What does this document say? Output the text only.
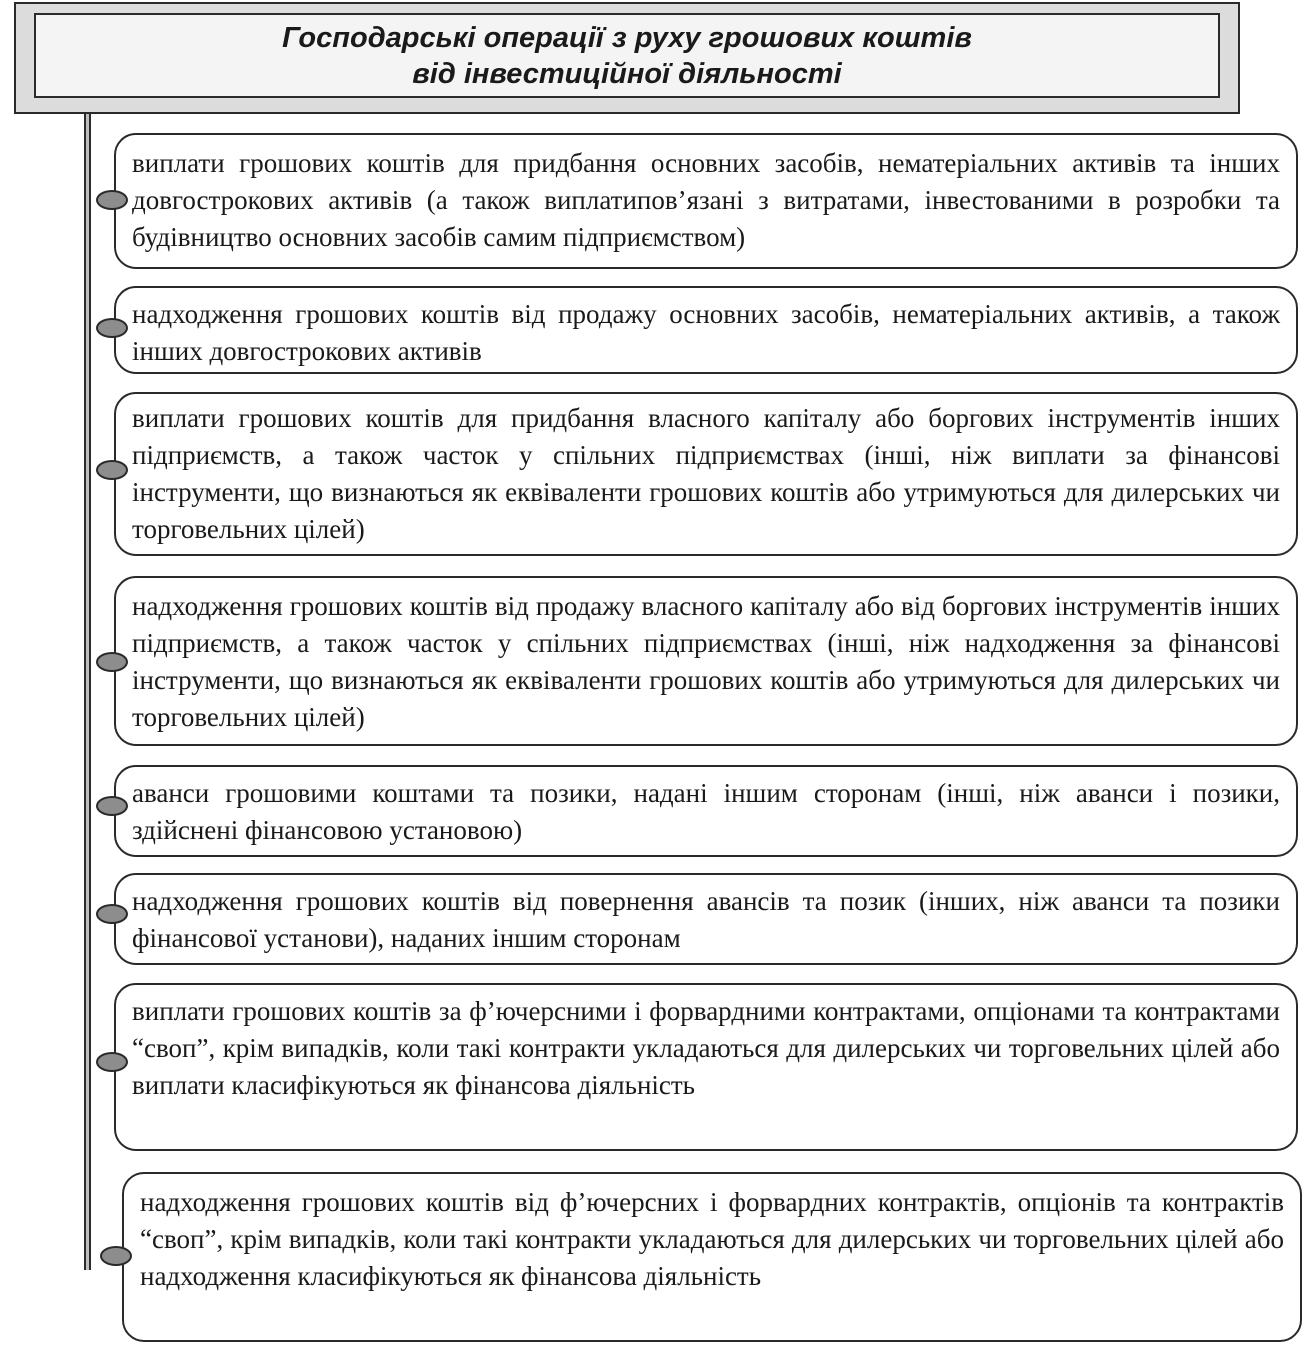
Господарські операції з руху грошових коштів
від інвестиційної діяльності
виплати грошових коштів для придбання основних засобів, нематеріальних активів та інших довгострокових активів (а також виплатипов’язані з витратами, інвестованими в розробки та будівництво основних засобів самим підприємством)
надходження грошових коштів від продажу основних засобів, нематеріальних активів, а також інших довгострокових активів
виплати грошових коштів для придбання власного капіталу або боргових інструментів інших підприємств, а також часток у спільних підприємствах (інші, ніж виплати за фінансові інструменти, що визнаються як еквіваленти грошових коштів або утримуються для дилерських чи торговельних цілей)
надходження грошових коштів від продажу власного капіталу або від боргових інструментів інших підприємств, а також часток у спільних підприємствах (інші, ніж надходження за фінансові інструменти, що визнаються як еквіваленти грошових коштів або утримуються для дилерських чи торговельних цілей)
аванси грошовими коштами та позики, надані іншим сторонам (інші, ніж аванси і позики, здійснені фінансовою установою)
надходження грошових коштів від повернення авансів та позик (інших, ніж аванси та позики фінансової установи), наданих іншим сторонам
виплати грошових коштів за ф’ючерсними і форвардними контрактами, опціонами та контрактами “своп”, крім випадків, коли такі контракти укладаються для дилерських чи торговельних цілей або виплати класифікуються як фінансова діяльність
надходження грошових коштів від ф’ючерсних і форвардних контрактів, опціонів та контрактів “своп”, крім випадків, коли такі контракти укладаються для дилерських чи торговельних цілей або надходження класифікуються як фінансова діяльність
